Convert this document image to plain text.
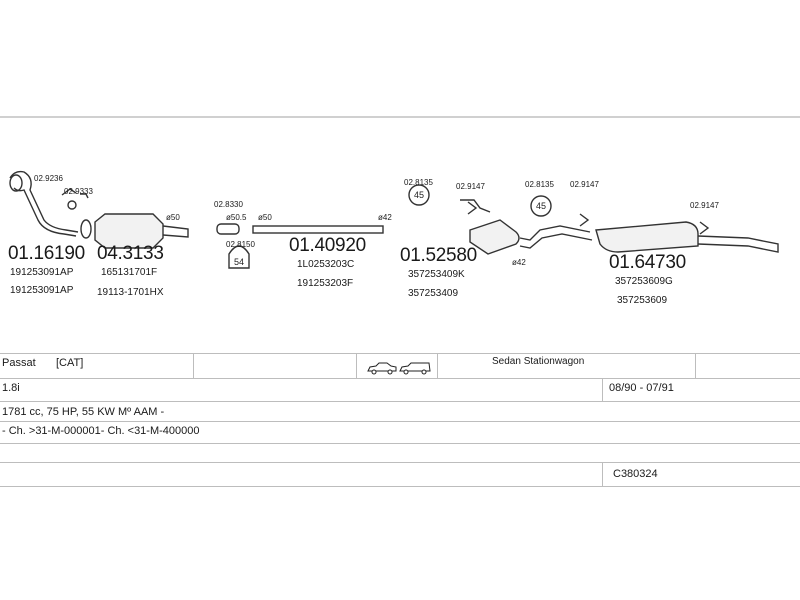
54
45
45
01.16190
191253091AP
191253091AP
04.3133
165131701F
19113-1701HX
01.40920
1L0253203C
191253203F
01.52580
357253409K
357253409
01.64730
357253609G
357253609
02.9236
02.9333
02.8330
02.8150
02.8135	02.9147	02.8135 02.9147
02.9147
ø50	ø50.5 ø50	ø42
ø42
Passat [CAT]	Sedan Stationwagon
1.8i	08/90 - 07/91
1781 cc, 75 HP, 55 KW Mº AAM -
- Ch. >31-M-000001- Ch. <31-M-400000
C380324
